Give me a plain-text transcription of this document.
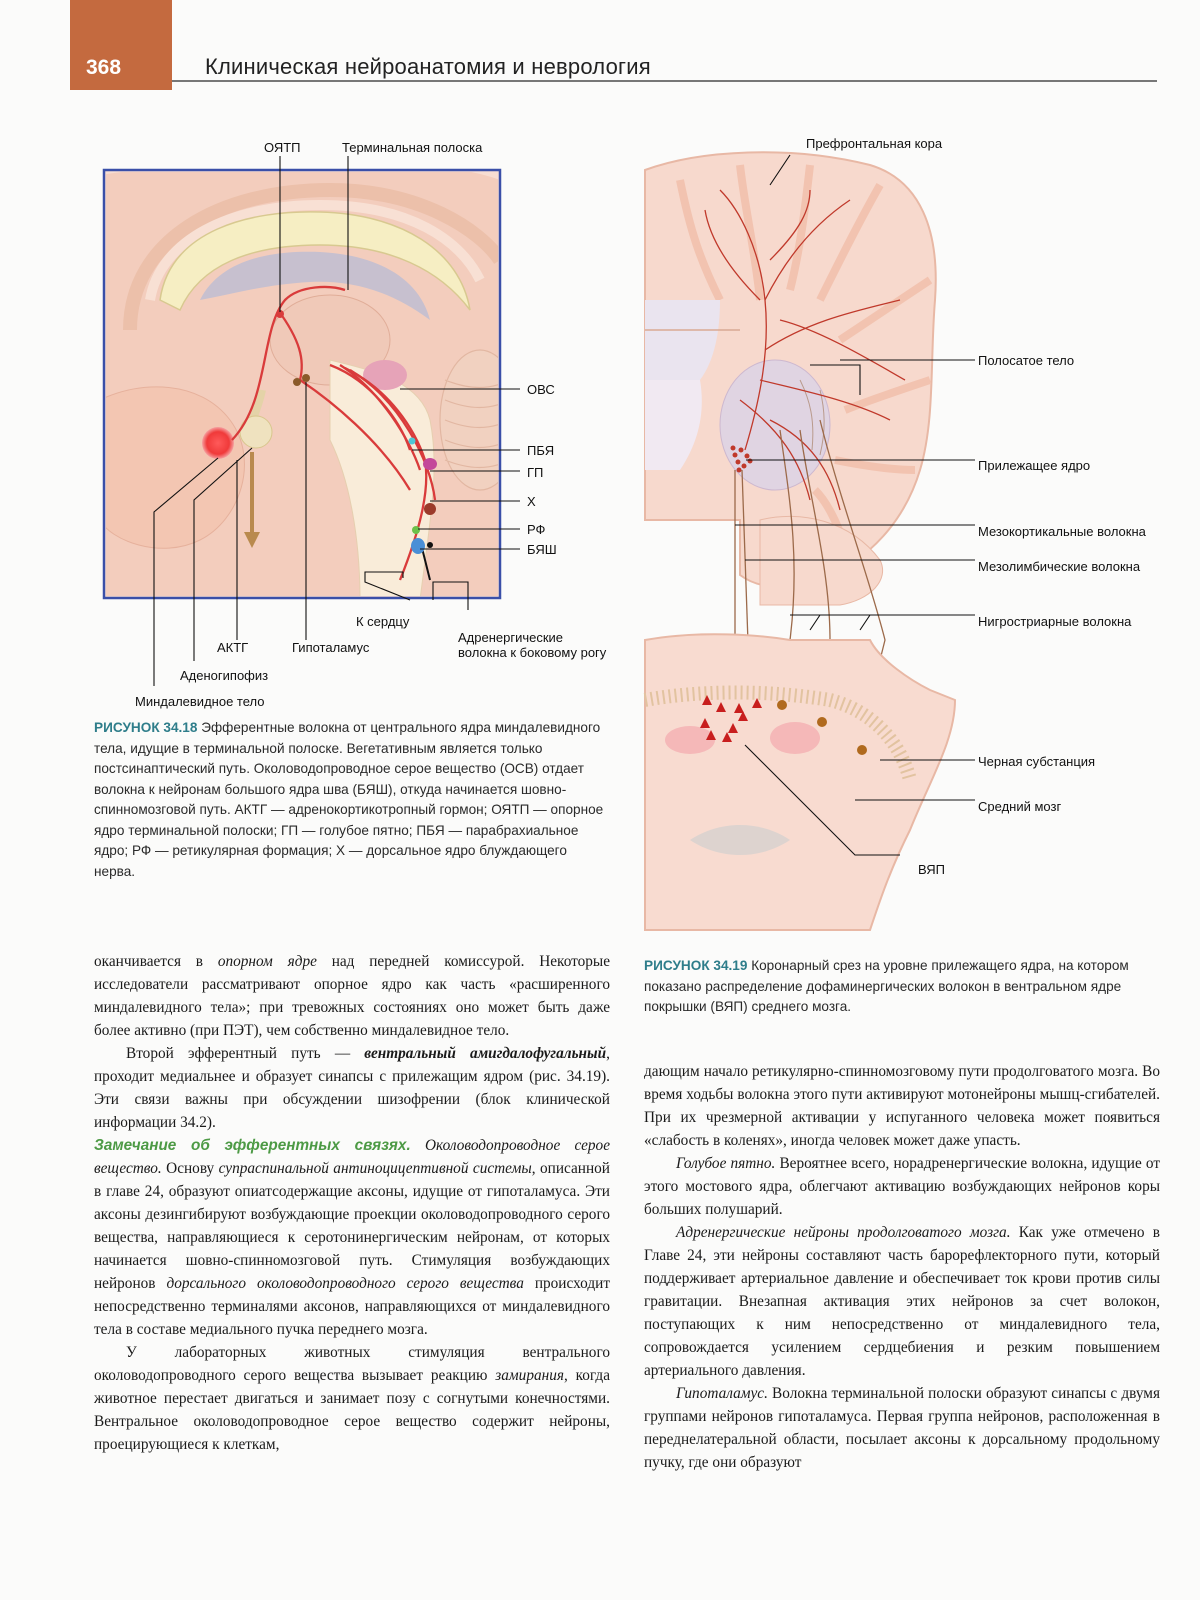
368	Клиническая нейроанатомия и неврология
ОЯТП	Терминальная полоска
ОВС
ПБЯ
ГП
Х
РФ
БЯШ
К сердцу
Адренергические волокна к боковому рогу
АКТГ	Гипоталамус
Аденогипофиз
Миндалевидное тело
РИСУНОК 34.18 Эфферентные волокна от центрального ядра миндалевидного тела, идущие в терминальной полоске. Вегетативным является только постсинаптический путь. Околоводопроводное серое вещество (ОСВ) отдает волокна к нейронам большого ядра шва (БЯШ), откуда начинается шовно-спинномозговой путь. АКТГ — адренокортикотропный гормон; ОЯТП — опорное ядро терминальной полоски; ГП — голубое пятно; ПБЯ — парабрахиальное ядро; РФ — ретикулярная формация; Х — дорсальное ядро блуждающего нерва.
Префронтальная кора
Полосатое тело
Прилежащее ядро
Мезокортикальные волокна
Мезолимбические волокна
Нигростриарные волокна
Черная субстанция
Средний мозг
ВЯП
РИСУНОК 34.19 Коронарный срез на уровне прилежащего ядра, на котором показано распределение дофаминергических волокон в вентральном ядре покрышки (ВЯП) среднего мозга.

оканчивается в опорном ядре над передней комиссурой. Некоторые исследователи рассматривают опорное ядро как часть «расширенного миндалевидного тела»; при тревожных состояниях оно может быть даже более активно (при ПЭТ), чем собственно миндалевидное тело.

Второй эфферентный путь — вентральный амигдалофугальный, проходит медиальнее и образует синапсы с прилежащим ядром (рис. 34.19). Эти связи важны при обсуждении шизофрении (блок клинической информации 34.2).

Замечание об эфферентных связях. Околоводопроводное серое вещество. Основу супраспинальной антиноцицептивной системы, описанной в главе 24, образуют опиатсодержащие аксоны, идущие от гипоталамуса. Эти аксоны дезингибируют возбуждающие проекции околоводопроводного серого вещества, направляющиеся к серотонинергическим нейронам, от которых начинается шовно-спинномозговой путь. Стимуляция возбуждающих нейронов дорсального околоводопроводного серого вещества происходит непосредственно терминалями аксонов, направляющихся от миндалевидного тела в составе медиального пучка переднего мозга.

У лабораторных животных стимуляция вентрального околоводопроводного серого вещества вызывает реакцию замирания, когда животное перестает двигаться и занимает позу с согнутыми конечностями. Вентральное околоводопроводное серое вещество содержит нейроны, проецирующиеся к клеткам,

дающим начало ретикулярно-спинномозговому пути продолговатого мозга. Во время ходьбы волокна этого пути активируют мотонейроны мышц-сгибателей. При их чрезмерной активации у испуганного человека может появиться «слабость в коленях», иногда человек может даже упасть.

Голубое пятно. Вероятнее всего, норадренергические волокна, идущие от этого мостового ядра, облегчают активацию возбуждающих нейронов коры больших полушарий.

Адренергические нейроны продолговатого мозга. Как уже отмечено в Главе 24, эти нейроны составляют часть барорефлекторного пути, который поддерживает артериальное давление и обеспечивает ток крови против силы гравитации. Внезапная активация этих нейронов за счет волокон, поступающих к ним непосредственно от миндалевидного тела, сопровождается усилением сердцебиения и резким повышением артериального давления.

Гипоталамус. Волокна терминальной полоски образуют синапсы с двумя группами нейронов гипоталамуса. Первая группа нейронов, расположенная в переднелатеральной области, посылает аксоны к дорсальному продольному пучку, где они образуют
